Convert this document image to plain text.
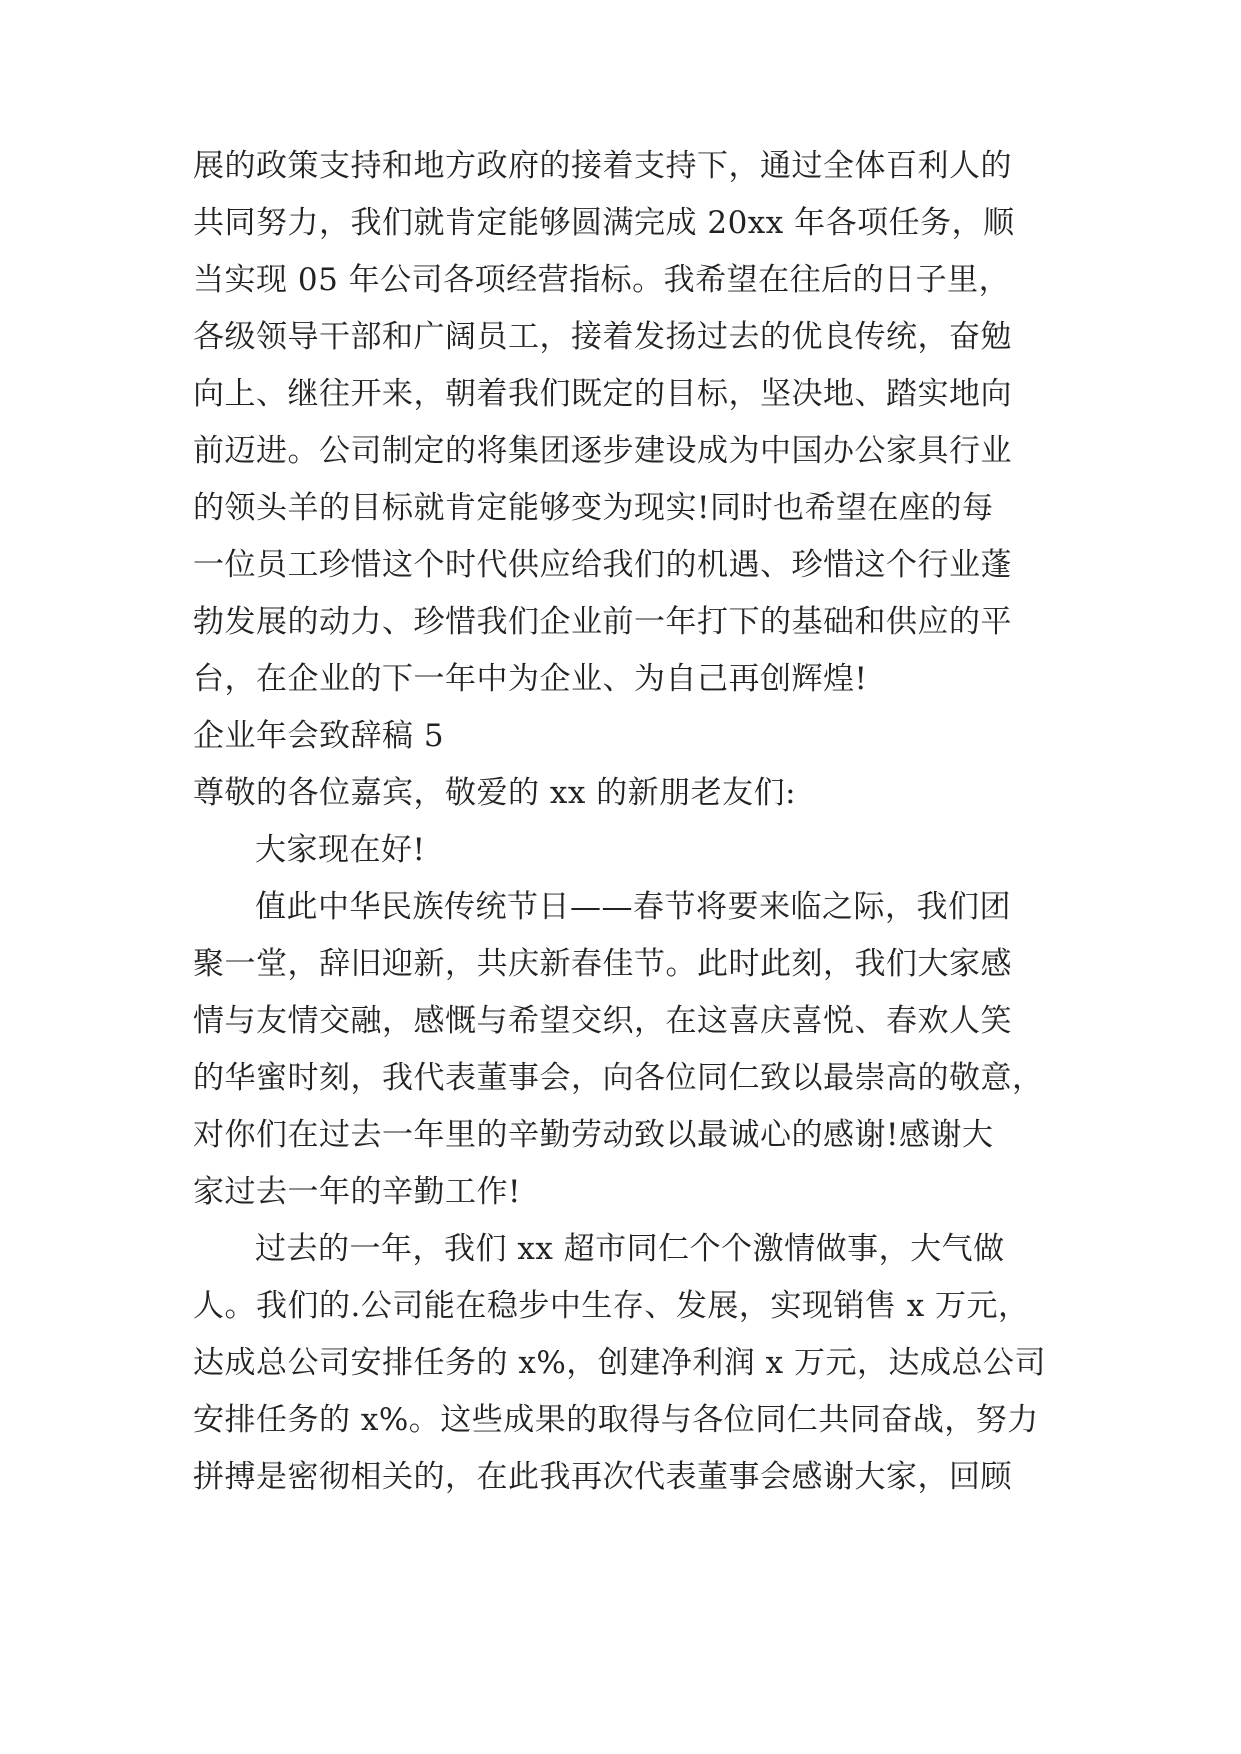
展的政策支持和地方政府的接着支持下，通过全体百利人的
共同努力，我们就肯定能够圆满完成 20xx 年各项任务，顺
当实现 05 年公司各项经营指标。我希望在往后的日子里，
各级领导干部和广阔员工，接着发扬过去的优良传统，奋勉
向上、继往开来，朝着我们既定的目标，坚决地、踏实地向
前迈进。公司制定的将集团逐步建设成为中国办公家具行业
的领头羊的目标就肯定能够变为现实!同时也希望在座的每
一位员工珍惜这个时代供应给我们的机遇、珍惜这个行业蓬
勃发展的动力、珍惜我们企业前一年打下的基础和供应的平
台，在企业的下一年中为企业、为自己再创辉煌!
企业年会致辞稿 5
尊敬的各位嘉宾，敬爱的 xx 的新朋老友们:
大家现在好!
值此中华民族传统节日——春节将要来临之际，我们团
聚一堂，辞旧迎新，共庆新春佳节。此时此刻，我们大家感
情与友情交融，感慨与希望交织，在这喜庆喜悦、春欢人笑
的华蜜时刻，我代表董事会，向各位同仁致以最崇高的敬意，
对你们在过去一年里的辛勤劳动致以最诚心的感谢!感谢大
家过去一年的辛勤工作!
过去的一年，我们 xx 超市同仁个个激情做事，大气做
人。我们的.公司能在稳步中生存、发展，实现销售 x 万元，
达成总公司安排任务的 x%，创建净利润 x 万元，达成总公司
安排任务的 x%。这些成果的取得与各位同仁共同奋战，努力
拼搏是密彻相关的，在此我再次代表董事会感谢大家，回顾
